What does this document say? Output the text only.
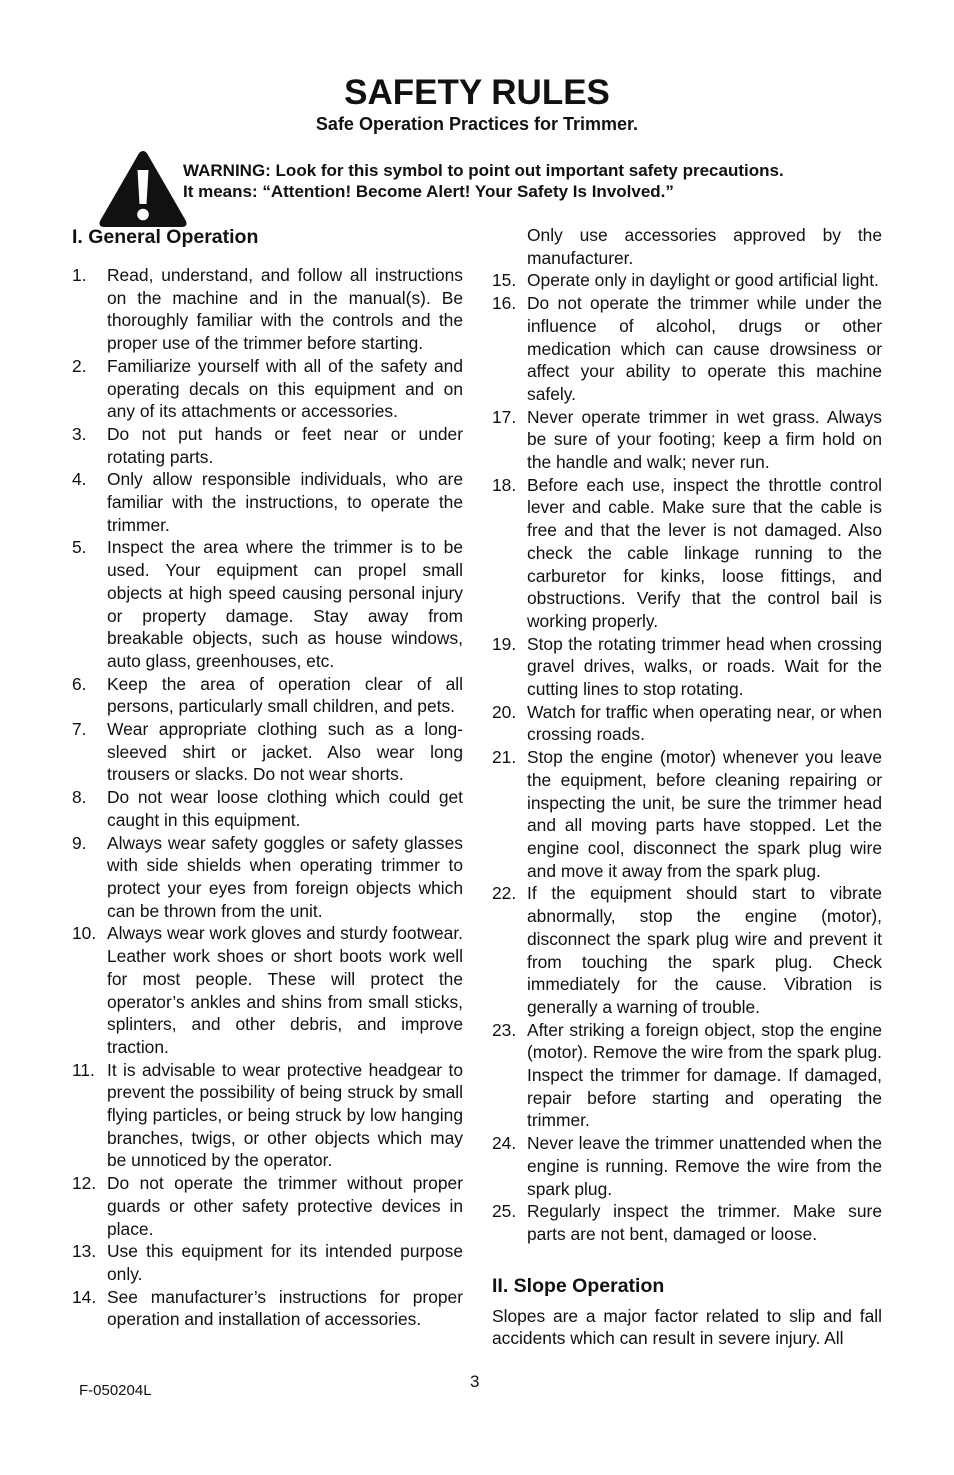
SAFETY RULES
Safe Operation Practices for Trimmer.
WARNING: Look for this symbol to point out important safety precautions.
It means: “Attention! Become Alert! Your Safety Is Involved.”
I. General Operation
1.	Read, understand, and follow all instructions on the machine and in the manual(s). Be thoroughly familiar with the controls and the proper use of the trimmer before starting.
2.	Familiarize yourself with all of the safety and operating decals on this equipment and on any of its attachments or accessories.
3.	Do not put hands or feet near or under rotating parts.
4.	Only allow responsible individuals, who are familiar with the instructions, to operate the trimmer.
5.	Inspect the area where the trimmer is to be used. Your equipment can propel small objects at high speed causing personal injury or property damage. Stay away from breakable objects, such as house windows, auto glass, greenhouses, etc.
6.	Keep the area of operation clear of all persons, particularly small children, and pets.
7.	Wear appropriate clothing such as a long-sleeved shirt or jacket. Also wear long trousers or slacks. Do not wear shorts.
8.	Do not wear loose clothing which could get caught in this equipment.
9.	Always wear safety goggles or safety glasses with side shields when operating trimmer to protect your eyes from foreign objects which can be thrown from the unit.
10. Always wear work gloves and sturdy footwear. Leather work shoes or short boots work well for most people. These will protect the operator’s ankles and shins from small sticks, splinters, and other debris, and improve traction.
11. It is advisable to wear protective headgear to prevent the possibility of being struck by small flying particles, or being struck by low hanging branches, twigs, or other objects which may be unnoticed by the operator.
12. Do not operate the trimmer without proper guards or other safety protective devices in place.
13. Use this equipment for its intended purpose only.
14. See manufacturer’s instructions for proper operation and installation of accessories.
Only use accessories approved by the manufacturer.
15. Operate only in daylight or good artificial light.
16. Do not operate the trimmer while under the influence of alcohol, drugs or other medication which can cause drowsiness or affect your ability to operate this machine safely.
17. Never operate trimmer in wet grass. Always be sure of your footing; keep a firm hold on the handle and walk; never run.
18. Before each use, inspect the throttle control lever and cable. Make sure that the cable is free and that the lever is not damaged. Also check the cable linkage running to the carburetor for kinks, loose fittings, and obstructions. Verify that the control bail is working properly.
19. Stop the rotating trimmer head when crossing gravel drives, walks, or roads. Wait for the cutting lines to stop rotating.
20. Watch for traffic when operating near, or when crossing roads.
21. Stop the engine (motor) whenever you leave the equipment, before cleaning repairing or inspecting the unit, be sure the trimmer head and all moving parts have stopped. Let the engine cool, disconnect the spark plug wire and move it away from the spark plug.
22. If the equipment should start to vibrate abnormally, stop the engine (motor), disconnect the spark plug wire and prevent it from touching the spark plug. Check immediately for the cause. Vibration is generally a warning of trouble.
23. After striking a foreign object, stop the engine (motor). Remove the wire from the spark plug. Inspect the trimmer for damage. If damaged, repair before starting and operating the trimmer.
24. Never leave the trimmer unattended when the engine is running. Remove the wire from the spark plug.
25. Regularly inspect the trimmer. Make sure parts are not bent, damaged or loose.
II. Slope Operation

Slopes are a major factor related to slip and fall accidents which can result in severe injury. All

F-050204L	3
